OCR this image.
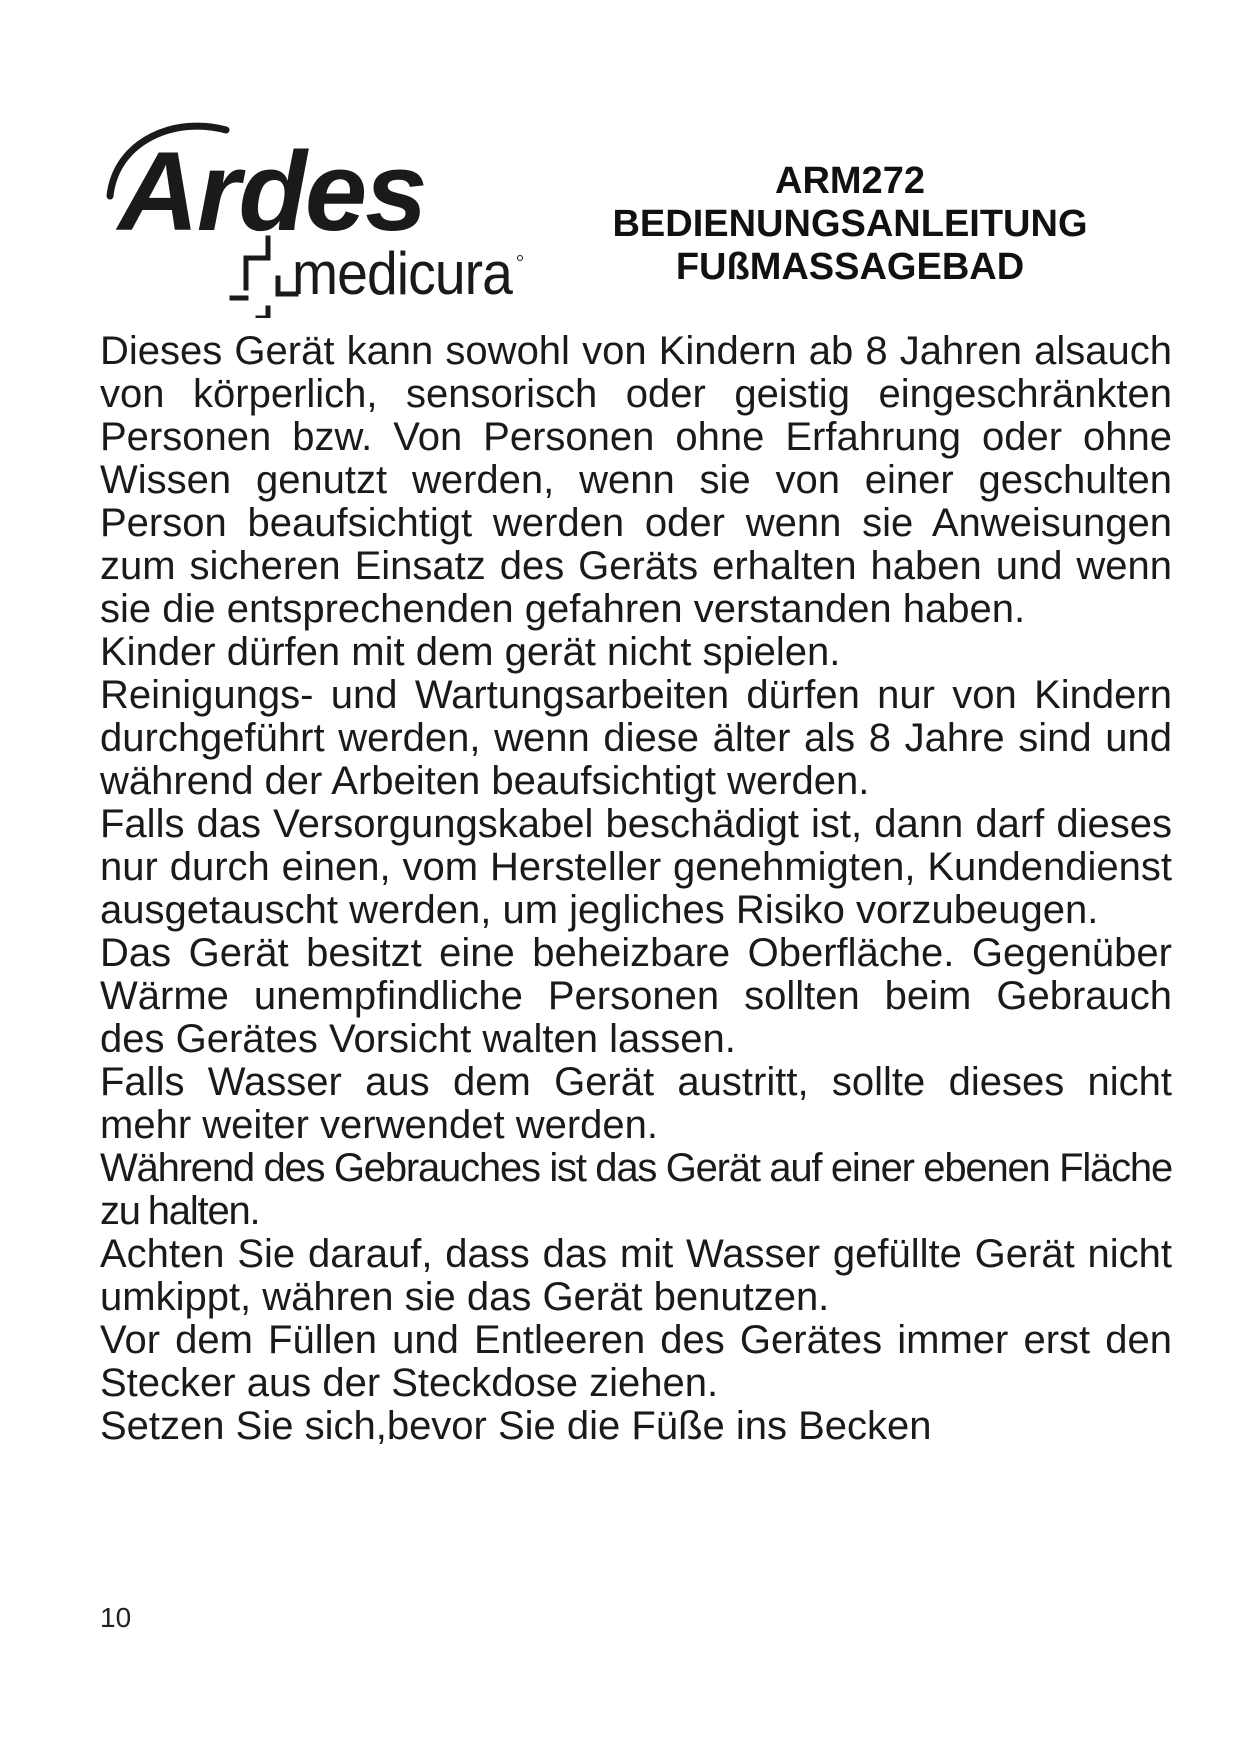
Ardes
medicura
ARM272
BEDIENUNGSANLEITUNG
FUßMASSAGEBAD

Dieses Gerät kann sowohl von Kindern ab 8 Jahren alsauch von körperlich, sensorisch oder geistig eingeschränkten Personen bzw. Von Personen ohne Erfahrung oder ohne Wissen genutzt werden, wenn sie von einer geschulten Person beaufsichtigt werden oder wenn sie Anweisungen zum sicheren Einsatz des Geräts erhalten haben und wenn sie die entsprechenden gefahren verstanden haben.

Kinder dürfen mit dem gerät nicht spielen.

Reinigungs- und Wartungsarbeiten dürfen nur von Kindern durchgeführt werden, wenn diese älter als 8 Jahre sind und während der Arbeiten beaufsichtigt werden.

Falls das Versorgungskabel beschädigt ist, dann darf dieses nur durch einen, vom Hersteller genehmigten, Kundendienst ausgetauscht werden, um jegliches Risiko vorzubeugen.

Das Gerät besitzt eine beheizbare Oberfläche. Gegenüber Wärme unempfindliche Personen sollten beim Gebrauch des Gerätes Vorsicht walten lassen.

Falls Wasser aus dem Gerät austritt, sollte dieses nicht mehr weiter verwendet werden.

Während des Gebrauches ist das Gerät auf einer ebenen Fläche zu halten.

Achten Sie darauf, dass das mit Wasser gefüllte Gerät nicht umkippt, währen sie das Gerät benutzen.

Vor dem Füllen und Entleeren des Gerätes immer erst den Stecker aus der Steckdose ziehen.

Setzen Sie sich,bevor Sie die Füße ins Becken

10
